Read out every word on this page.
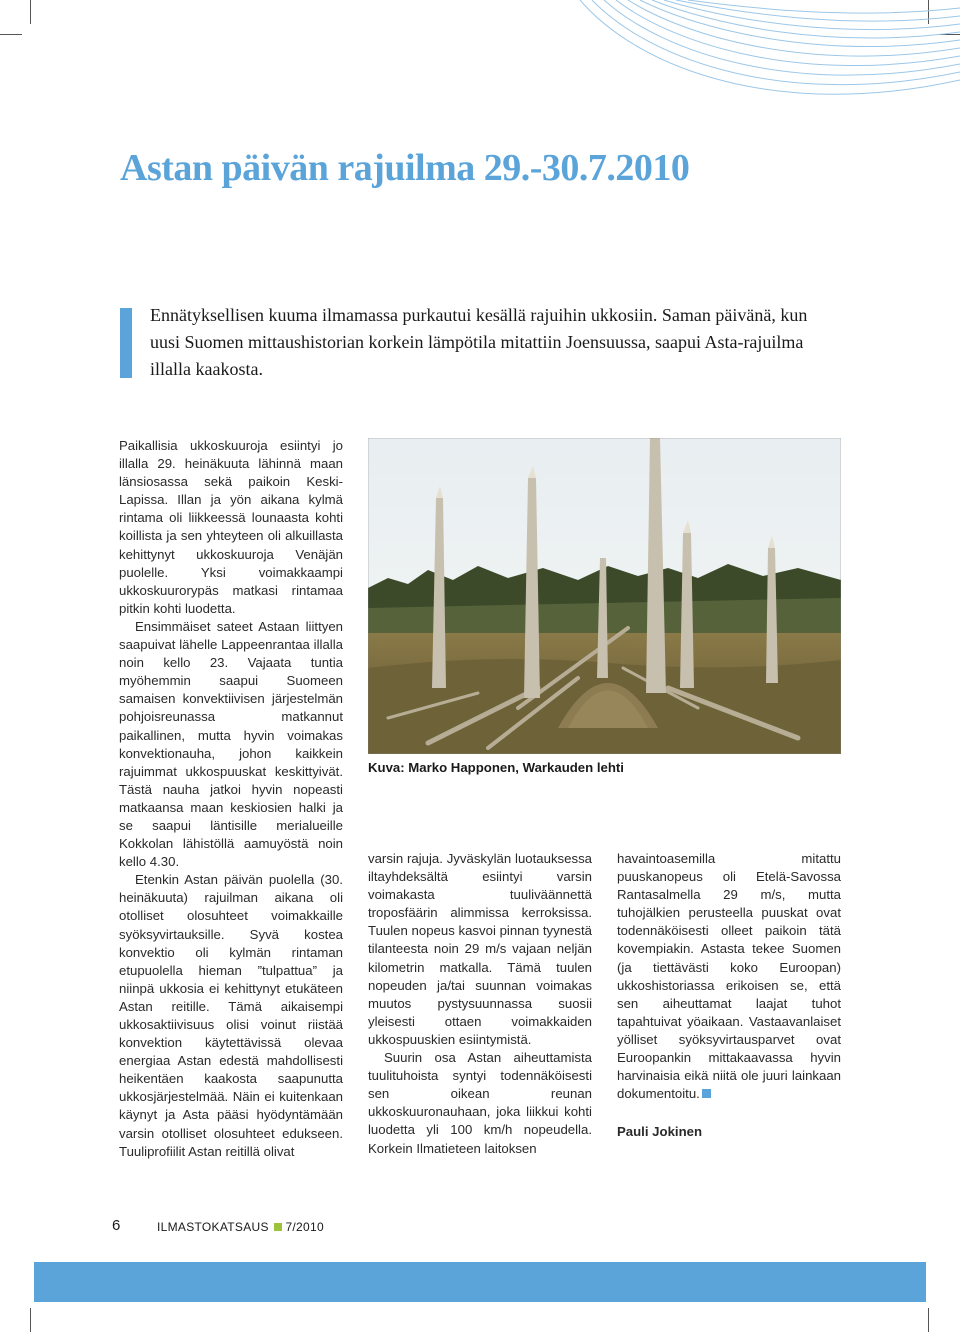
Astan päivän rajuilma 29.-30.7.2010

Ennätyksellisen kuuma ilmamassa purkautui kesällä rajuihin ukkosiin. Saman päivänä, kun uusi Suomen mittaushistorian korkein lämpötila mitattiin Joensuussa, saapui Asta-rajuilma illalla kaakosta.

Paikallisia ukkoskuuroja esiintyi jo illalla 29. heinäkuuta lähinnä maan länsiosassa sekä paikoin Keski-Lapissa. Illan ja yön aikana kylmä rintama oli liikkeessä lounaasta kohti koillista ja sen yhteyteen oli alkuillasta kehittynyt ukkoskuuroja Venäjän puolelle. Yksi voimakkaampi ukkoskuurorypäs matkasi rintamaa pitkin kohti luodetta.

Ensimmäiset sateet Astaan liittyen saapuivat lähelle Lappeenrantaa illalla noin kello 23. Vajaata tuntia myöhemmin saapui Suomeen samaisen konvektiivisen järjestelmän pohjoisreunassa matkannut paikallinen, mutta hyvin voimakas konvektionauha, johon kaikkein rajuimmat ukkospuuskat keskittyivät. Tästä nauha jatkoi hyvin nopeasti matkaansa maan keskiosien halki ja se saapui läntisille merialueille Kokkolan lähistöllä aamuyöstä noin kello 4.30.

Etenkin Astan päivän puolella (30. heinäkuuta) rajuilman aikana oli otolliset olosuhteet voimakkaille syöksyvirtauksille. Syvä kostea konvektio oli kylmän rintaman etupuolella hieman ”tulpattua” ja niinpä ukkosia ei kehittynyt etukäteen Astan reitille. Tämä aikaisempi ukkosaktiivisuus olisi voinut riistää konvektion käytettävissä olevaa energiaa Astan edestä mahdollisesti heikentäen kaakosta saapunutta ukkosjärjestelmää. Näin ei kuitenkaan käynyt ja Asta pääsi hyödyntämään varsin otolliset olosuhteet edukseen. Tuuliprofiilit Astan reitillä olivat

Kuva: Marko Happonen, Warkauden lehti

varsin rajuja. Jyväskylän luotauksessa iltayhdeksältä esiintyi varsin voimakasta tuuliväännettä troposfäärin alimmissa kerroksissa. Tuulen nopeus kasvoi pinnan tyynestä tilanteesta noin 29 m/s vajaan neljän kilometrin matkalla. Tämä tuulen nopeuden ja/tai suunnan voimakas muutos pystysuunnassa suosii yleisesti ottaen voimakkaiden ukkospuuskien esiintymistä.

Suurin osa Astan aiheuttamista tuulituhoista syntyi todennäköisesti sen oikean reunan ukkoskuuronauhaan, joka liikkui kohti luodetta yli 100 km/h nopeudella. Korkein Ilmatieteen laitoksen

havaintoasemilla mitattu puuskanopeus oli Etelä-Savossa Rantasalmella 29 m/s, mutta tuhojälkien perusteella puuskat ovat todennäköisesti olleet paikoin tätä kovempiakin. Astasta tekee Suomen (ja tiettävästi koko Euroopan) ukkoshistoriassa erikoisen se, että sen aiheuttamat laajat tuhot tapahtuivat yöaikaan. Vastaavanlaiset yölliset syöksyvirtausparvet ovat Euroopankin mittakaavassa hyvin harvinaisia eikä niitä ole juuri lainkaan dokumentoitu.

Pauli Jokinen

6	ILMASTOKATSAUS 7/2010
